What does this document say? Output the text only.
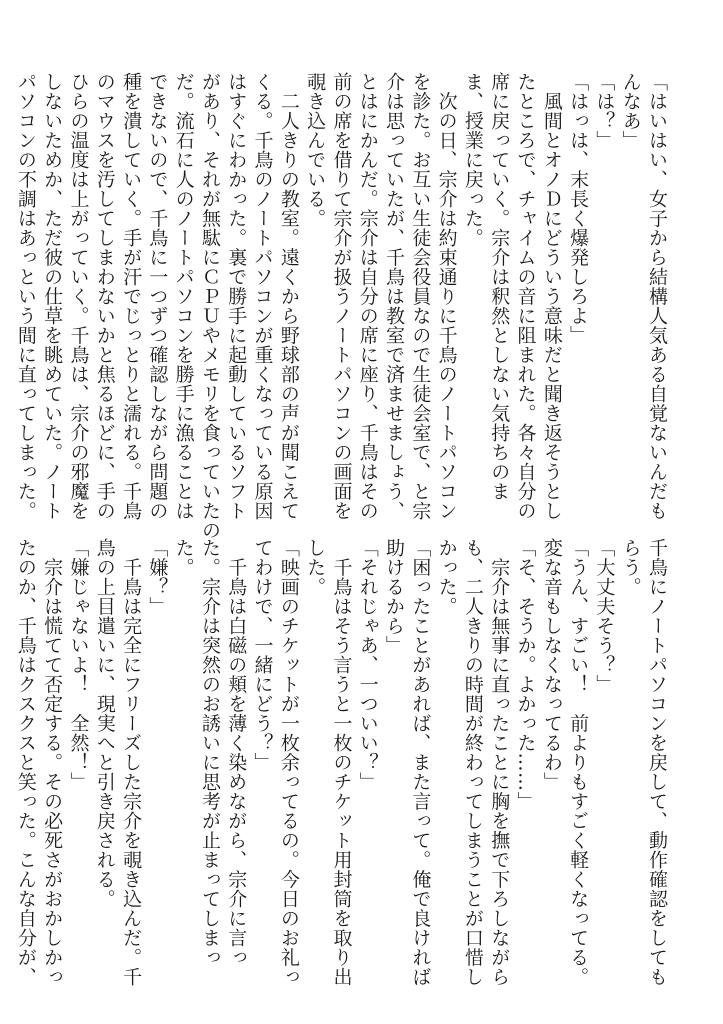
「はいはい、女子から結構人気ある自覚ないんだも
んなあ」
「は？」
「はっは、末長く爆発しろよ」
　風間とオノＤにどういう意味だと聞き返そうとし
たところで、チャイムの音に阻まれた。各々自分の
席に戻っていく。宗介は釈然としない気持ちのま
ま、授業に戻った。
　次の日、宗介は約束通りに千鳥のノートパソコン
を診た。お互い生徒会役員なので生徒会室で、と宗
介は思っていたが、千鳥は教室で済ませましょう、
とはにかんだ。宗介は自分の席に座り、千鳥はその
前の席を借りて宗介が扱うノートパソコンの画面を
覗き込んでいる。
　二人きりの教室。遠くから野球部の声が聞こえて
くる。千鳥のノートパソコンが重くなっている原因
はすぐにわかった。裏で勝手に起動しているソフト
があり、それが無駄にＣＰＵやメモリを食っていたの
だ。流石に人のノートパソコンを勝手に漁ることは
できないので、千鳥に一つずつ確認しながら問題の
種を潰していく。手が汗でじっとりと濡れる。千鳥
のマウスを汚してしまわないかと焦るほどに、手の
ひらの温度は上がっていく。千鳥は、宗介の邪魔を
しないためか、ただ彼の仕草を眺めていた。ノート
パソコンの不調はあっという間に直ってしまった。
千鳥にノートパソコンを戻して、動作確認をしても
らう。
「大丈夫そう？」
「うん、すごい！　前よりもすごく軽くなってる。
変な音もしなくなってるわ」
「そ、そうか。よかった……」
　宗介は無事に直ったことに胸を撫で下ろしながら
も、二人きりの時間が終わってしまうことが口惜し
かった。
「困ったことがあれば、また言って。俺で良ければ
助けるから」
「それじゃあ、一ついい？」
　千鳥はそう言うと一枚のチケット用封筒を取り出
した。
「映画のチケットが一枚余ってるの。今日のお礼っ
てわけで、一緒にどう？」
　千鳥は白磁の頬を薄く染めながら、宗介に言っ
た。宗介は突然のお誘いに思考が止まってしまっ
た。
「嫌？」
　千鳥は完全にフリーズした宗介を覗き込んだ。千
鳥の上目遣いに、現実へと引き戻される。
「嫌じゃないよ！　全然！」
　宗介は慌てて否定する。その必死さがおかしかっ
たのか、千鳥はクスクスと笑った。こんな自分が、
